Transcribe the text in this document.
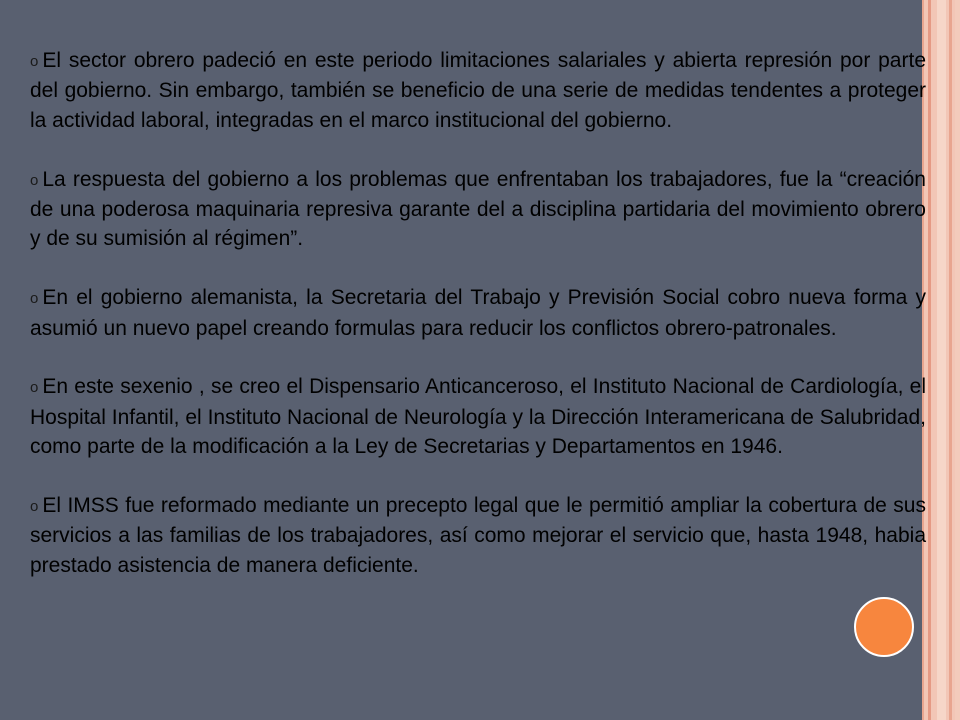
o El sector obrero padeció en este periodo limitaciones salariales y abierta represión por parte del gobierno. Sin embargo, también se beneficio de una serie de medidas tendentes a proteger la actividad laboral, integradas en el marco institucional del gobierno.

o La respuesta del gobierno a los problemas que enfrentaban los trabajadores, fue la “creación de una poderosa maquinaria represiva garante del a disciplina partidaria del movimiento obrero y de su sumisión al régimen”.

o En el gobierno alemanista, la Secretaria del Trabajo y Previsión Social cobro nueva forma y asumió un nuevo papel creando formulas para reducir los conflictos obrero-patronales.

o En este sexenio , se creo el Dispensario Anticanceroso, el Instituto Nacional de Cardiología, el Hospital Infantil, el Instituto Nacional de Neurología y la Dirección Interamericana de Salubridad, como parte de la modificación a la Ley de Secretarias y Departamentos en 1946.

o El IMSS fue reformado mediante un precepto legal que le permitió ampliar la cobertura de sus servicios a las familias de los trabajadores, así como mejorar el servicio que, hasta 1948, habia prestado asistencia de manera deficiente.
